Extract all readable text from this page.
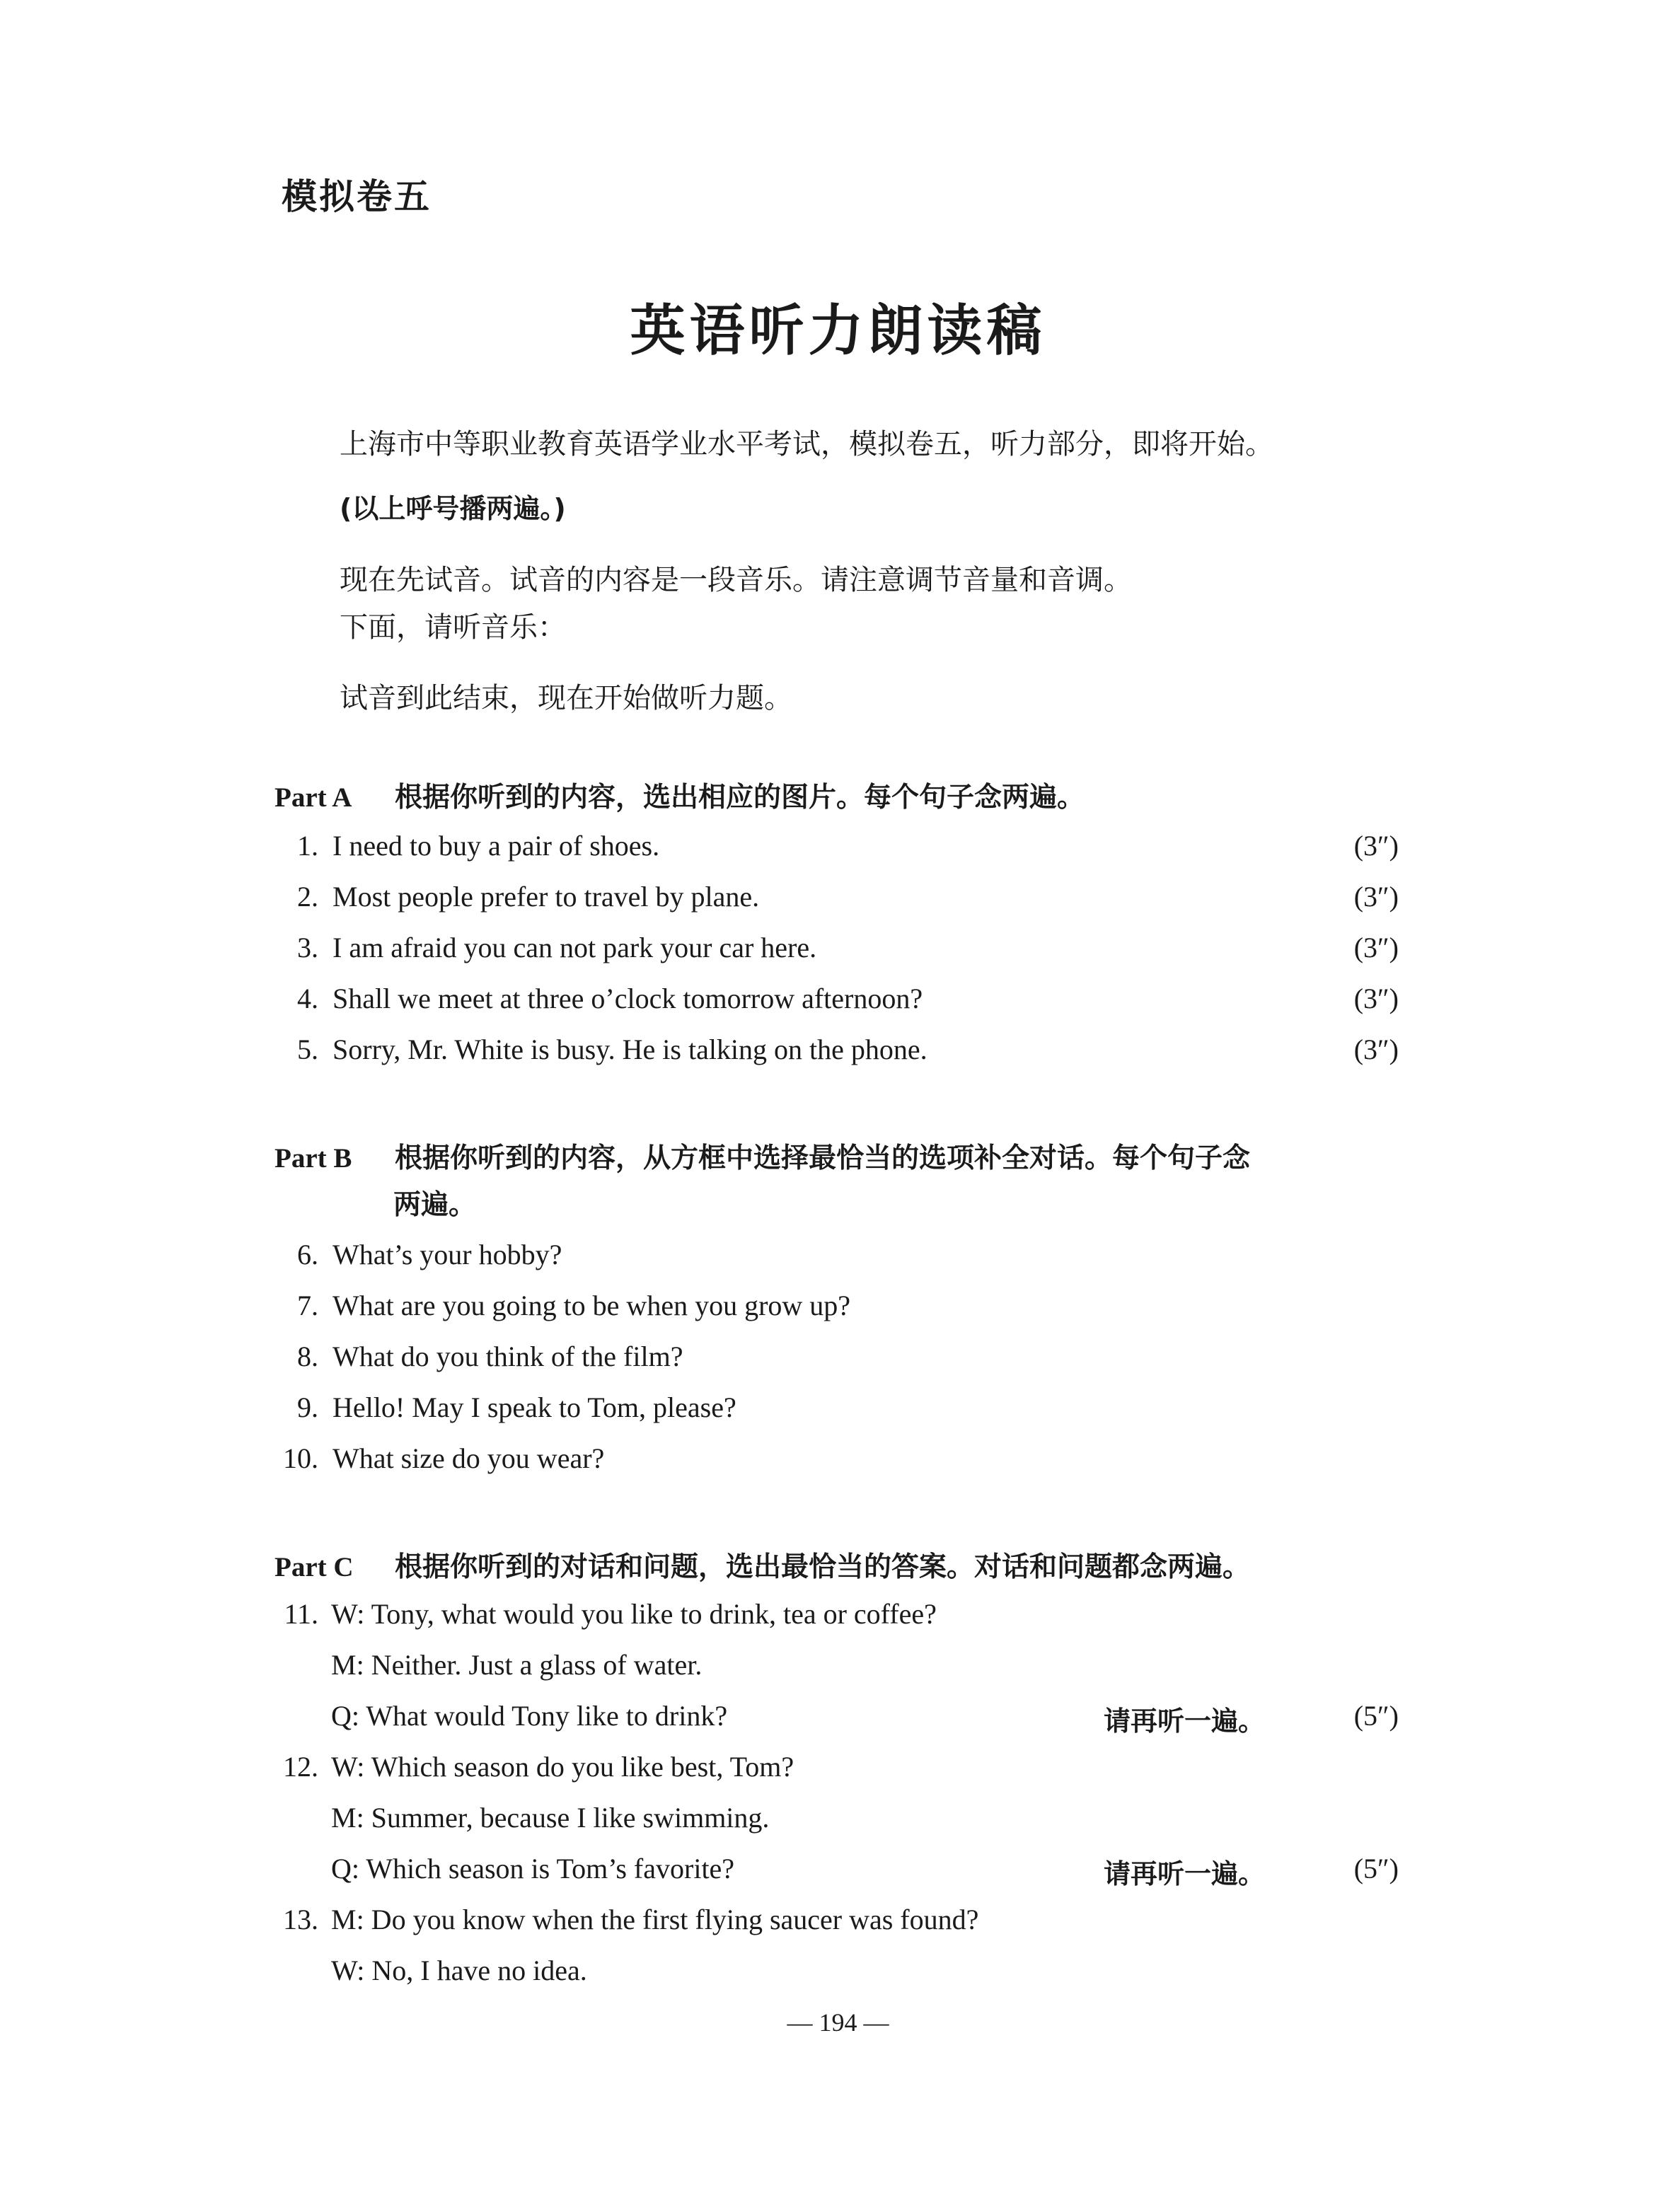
模拟卷五
英语听力朗读稿
上海市中等职业教育英语学业水平考试，模拟卷五，听力部分，即将开始。
(以上呼号播两遍。)
现在先试音。试音的内容是一段音乐。请注意调节音量和音调。
下面，请听音乐：
试音到此结束，现在开始做听力题。
Part A 根据你听到的内容，选出相应的图片。每个句子念两遍。
1. I need to buy a pair of shoes.	(3″)
2. Most people prefer to travel by plane.	(3″)
3. I am afraid you can not park your car here.	(3″)
4. Shall we meet at three o’clock tomorrow afternoon?	(3″)
5. Sorry, Mr. White is busy. He is talking on the phone.	(3″)
Part B 根据你听到的内容，从方框中选择最恰当的选项补全对话。每个句子念
两遍。
6. What’s your hobby?
7. What are you going to be when you grow up?
8. What do you think of the film?
9. Hello! May I speak to Tom, please?
10. What size do you wear?
Part C 根据你听到的对话和问题，选出最恰当的答案。对话和问题都念两遍。
11. W: Tony, what would you like to drink, tea or coffee?
M: Neither. Just a glass of water.
Q: What would Tony like to drink?	请再听一遍。	(5″)
12. W: Which season do you like best, Tom?
M: Summer, because I like swimming.
Q: Which season is Tom’s favorite?	请再听一遍。	(5″)
13. M: Do you know when the first flying saucer was found?
W: No, I have no idea.
— 194 —
